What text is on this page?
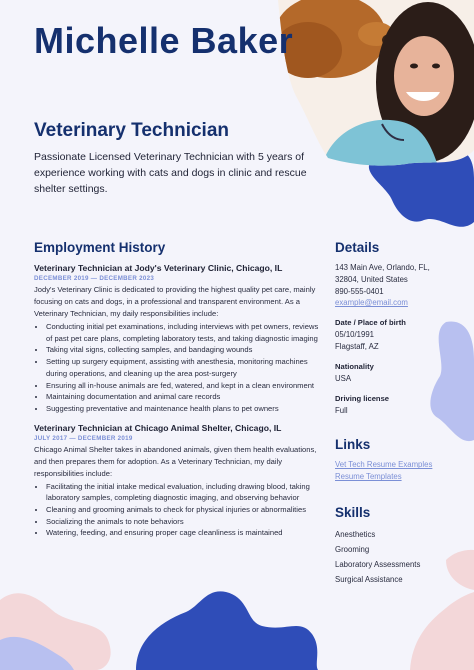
Michelle Baker
Veterinary Technician

Passionate Licensed Veterinary Technician with 5 years of experience working with cats and dogs in clinic and rescue shelter settings.

Employment History

Veterinary Technician at Jody's Veterinary Clinic, Chicago, IL

DECEMBER 2019 — DECEMBER 2023

Jody's Veterinary Clinic is dedicated to providing the highest quality pet care, mainly focusing on cats and dogs, in a professional and transparent environment. As a Veterinary Technician, my daily responsibilities include:

• Conducting initial pet examinations, including interviews with pet owners, reviews of past pet care plans, completing laboratory tests, and taking diagnostic imaging
• Taking vital signs, collecting samples, and bandaging wounds
• Setting up surgery equipment, assisting with anesthesia, monitoring machines during operations, and cleaning up the area post-surgery
• Ensuring all in-house animals are fed, watered, and kept in a clean environment
• Maintaining documentation and animal care records
• Suggesting preventative and maintenance health plans to pet owners

Veterinary Technician at Chicago Animal Shelter, Chicago, IL

JULY 2017 — DECEMBER 2019

Chicago Animal Shelter takes in abandoned animals, given them health evaluations, and then prepares them for adoption. As a Veterinary Technician, my daily responsibilities include:

• Facilitating the initial intake medical evaluation, including drawing blood, taking laboratory samples, completing diagnostic imaging, and observing behavior
• Cleaning and grooming animals to check for physical injuries or abnormalities
• Socializing the animals to note behaviors
• Watering, feeding, and ensuring proper cage cleanliness is maintained
Details

143 Main Ave, Orlando, FL,

32804, United States

890-555-0401

example@email.com

Date / Place of birth

05/10/1991

Flagstaff, AZ

Nationality

USA

Driving license

Full

Links
Vet Tech Resume Examples
Resume Templates
Skills

Anesthetics

Grooming

Laboratory Assessments

Surgical Assistance
